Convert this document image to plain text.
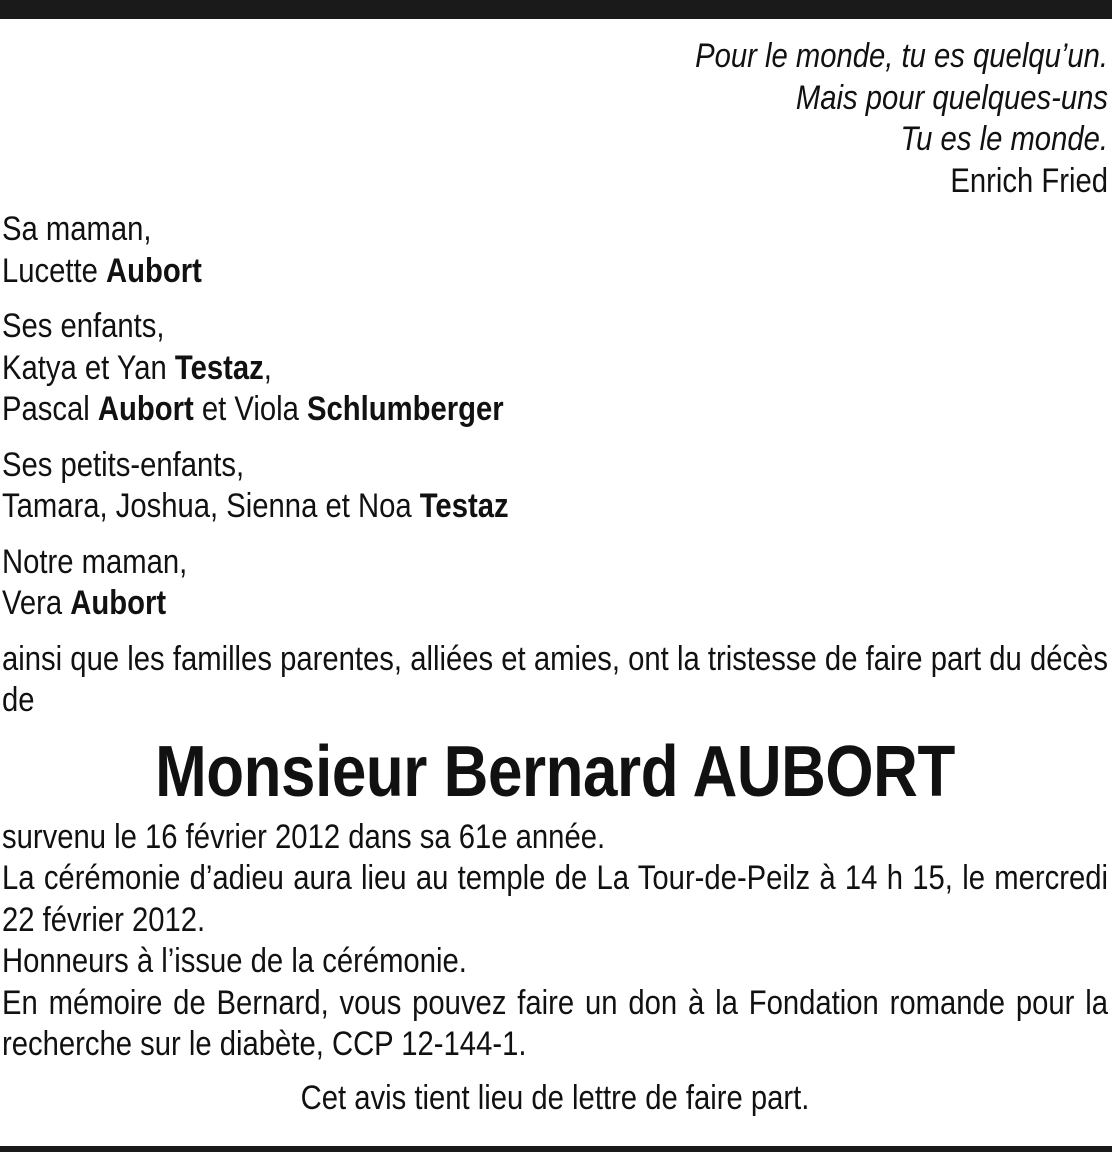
Pour le monde, tu es quelqu’un.
Mais pour quelques-uns
Tu es le monde.
Enrich Fried
Sa maman,
Lucette Aubort
Ses enfants,
Katya et Yan Testaz,
Pascal Aubort et Viola Schlumberger
Ses petits-enfants,
Tamara, Joshua, Sienna et Noa Testaz
Notre maman,
Vera Aubort

ainsi que les familles parentes, alliées et amies, ont la tristesse de faire part du décès de

Monsieur Bernard AUBORT
survenu le 16 février 2012 dans sa 61e année.
La cérémonie d’adieu aura lieu au temple de La Tour-de-Peilz à 14 h 15, le mercredi 22 février 2012.
Honneurs à l’issue de la cérémonie.
En mémoire de Bernard, vous pouvez faire un don à la Fondation romande pour la recherche sur le diabète, CCP 12-144-1.
Cet avis tient lieu de lettre de faire part.
